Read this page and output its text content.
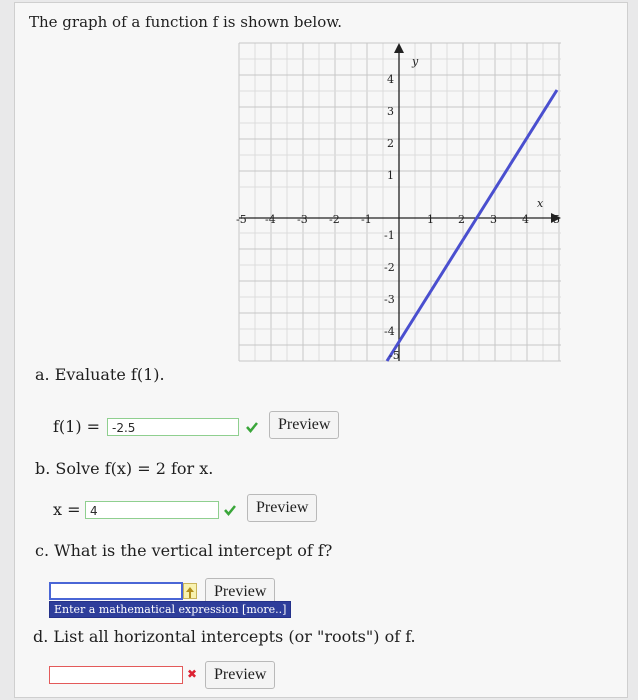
The graph of a function f is shown below.
-5 -4 -3 -2 -1	1 2 3 4 5
4
3
2
1
-1
-2
-3
-4
-5
y
x
a. Evaluate f(1).
f(1) = -2.5	Preview
b. Solve f(x) = 2 for x.
x = 4	Preview
c. What is the vertical intercept of f?
Preview
Enter a mathematical expression [more..]
d. List all horizontal intercepts (or "roots") of f.
✖	Preview
